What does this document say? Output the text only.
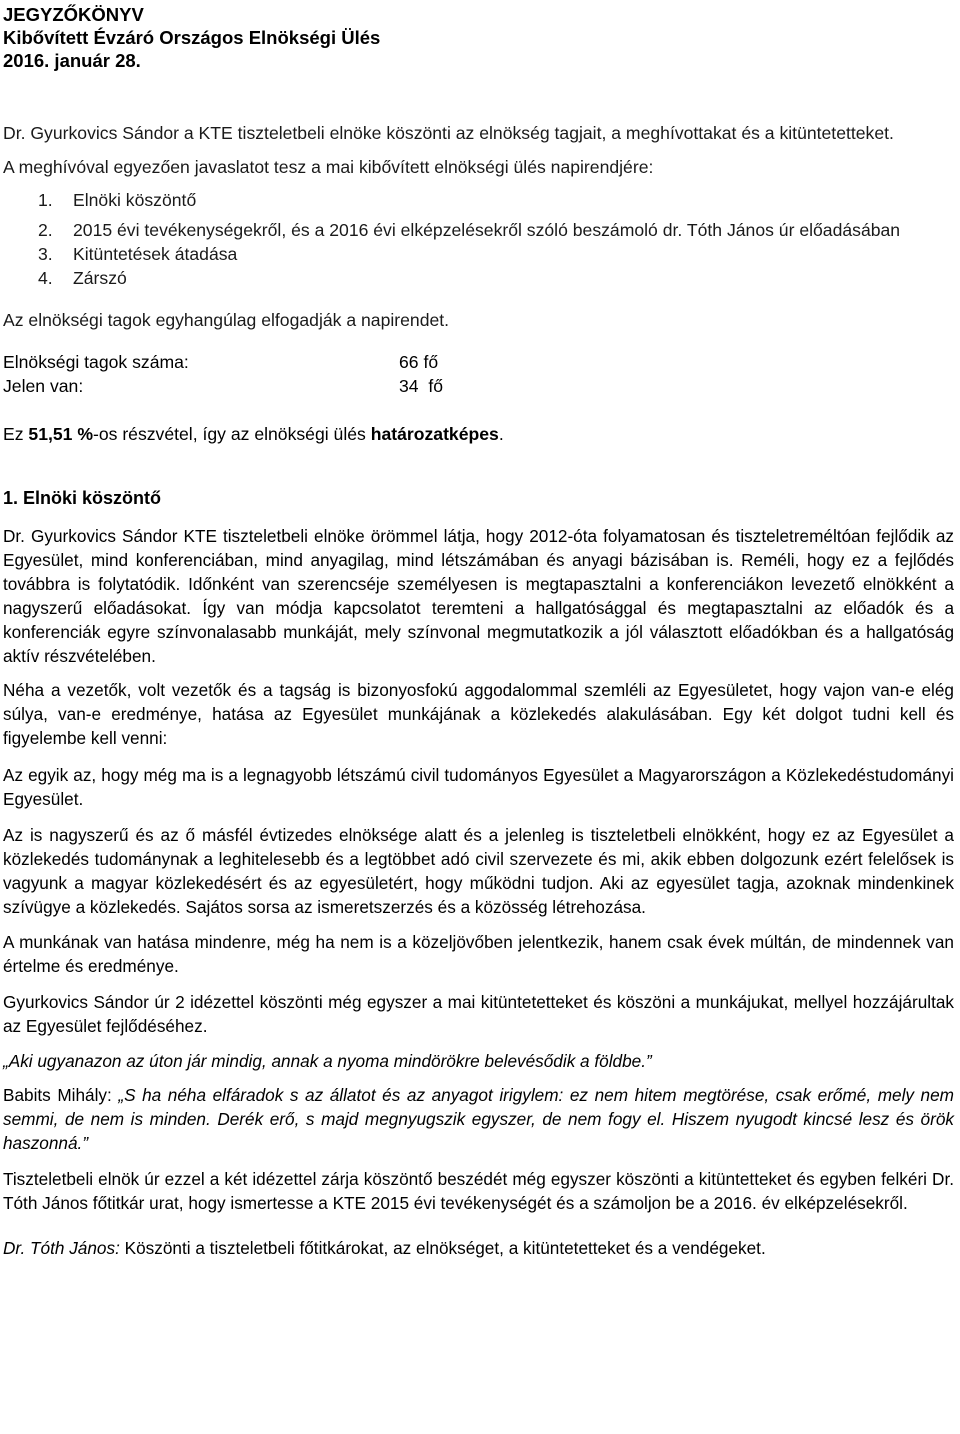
JEGYZŐKÖNYV
Kibővített Évzáró Országos Elnökségi Ülés
2016. január 28.
Dr. Gyurkovics Sándor a KTE tiszteletbeli elnöke köszönti az elnökség tagjait, a meghívottakat és a kitüntetetteket.
A meghívóval egyezően javaslatot tesz a mai kibővített elnökségi ülés napirendjére:
1. Elnöki köszöntő
2. 2015 évi tevékenységekről, és a 2016 évi elképzelésekről szóló beszámoló dr. Tóth János úr előadásában
3. Kitüntetések átadása
4. Zárszó
Az elnökségi tagok egyhangúlag elfogadják a napirendet.
Elnökségi tagok száma:	66 fő
Jelen van:	34  fő
Ez 51,51 %-os részvétel, így az elnökségi ülés határozatképes.
1. Elnöki köszöntő

Dr. Gyurkovics Sándor KTE tiszteletbeli elnöke örömmel látja, hogy 2012-óta folyamatosan és tiszteletreméltóan fejlődik az Egyesület, mind konferenciában, mind anyagilag, mind létszámában és anyagi bázisában is. Reméli, hogy ez a fejlődés továbbra is folytatódik. Időnként van szerencséje személyesen is megtapasztalni a konferenciákon levezető elnökként a nagyszerű előadásokat. Így van módja kapcsolatot teremteni a hallgatósággal és megtapasztalni az előadók és a konferenciák egyre színvonalasabb munkáját, mely színvonal megmutatkozik a jól választott előadókban és a hallgatóság aktív részvételében.

Néha a vezetők, volt vezetők és a tagság is bizonyosfokú aggodalommal szemléli az Egyesületet, hogy vajon van-e elég súlya, van-e eredménye, hatása az Egyesület munkájának a közlekedés alakulásában. Egy két dolgot tudni kell és figyelembe kell venni:

Az egyik az, hogy még ma is a legnagyobb létszámú civil tudományos Egyesület a Magyarországon a Közlekedéstudományi Egyesület.

Az is nagyszerű és az ő másfél évtizedes elnöksége alatt és a jelenleg is tiszteletbeli elnökként, hogy ez az Egyesület a közlekedés tudománynak a leghitelesebb és a legtöbbet adó civil szervezete és mi, akik ebben dolgozunk ezért felelősek is vagyunk a magyar közlekedésért és az egyesületért, hogy működni tudjon. Aki az egyesület tagja, azoknak mindenkinek szívügye a közlekedés. Sajátos sorsa az ismeretszerzés és a közösség létrehozása.

A munkának van hatása mindenre, még ha nem is a közeljövőben jelentkezik, hanem csak évek múltán, de mindennek van értelme és eredménye.

Gyurkovics Sándor úr 2 idézettel köszönti még egyszer a mai kitüntetetteket és köszöni a munkájukat, mellyel hozzájárultak az Egyesület fejlődéséhez.

„Aki ugyanazon az úton jár mindig, annak a nyoma mindörökre belevésődik a földbe.”

Babits Mihály: „S ha néha elfáradok s az állatot és az anyagot irigylem: ez nem hitem megtörése, csak erőmé, mely nem semmi, de nem is minden. Derék erő, s majd megnyugszik egyszer, de nem fogy el. Hiszem nyugodt kincsé lesz és örök haszonná.”

Tiszteletbeli elnök úr ezzel a két idézettel zárja köszöntő beszédét még egyszer köszönti a kitüntetteket és egyben felkéri Dr. Tóth János főtitkár urat, hogy ismertesse a KTE 2015 évi tevékenységét és a számoljon be a 2016. év elképzelésekről.

Dr. Tóth János: Köszönti a tiszteletbeli főtitkárokat, az elnökséget, a kitüntetetteket és a vendégeket.
